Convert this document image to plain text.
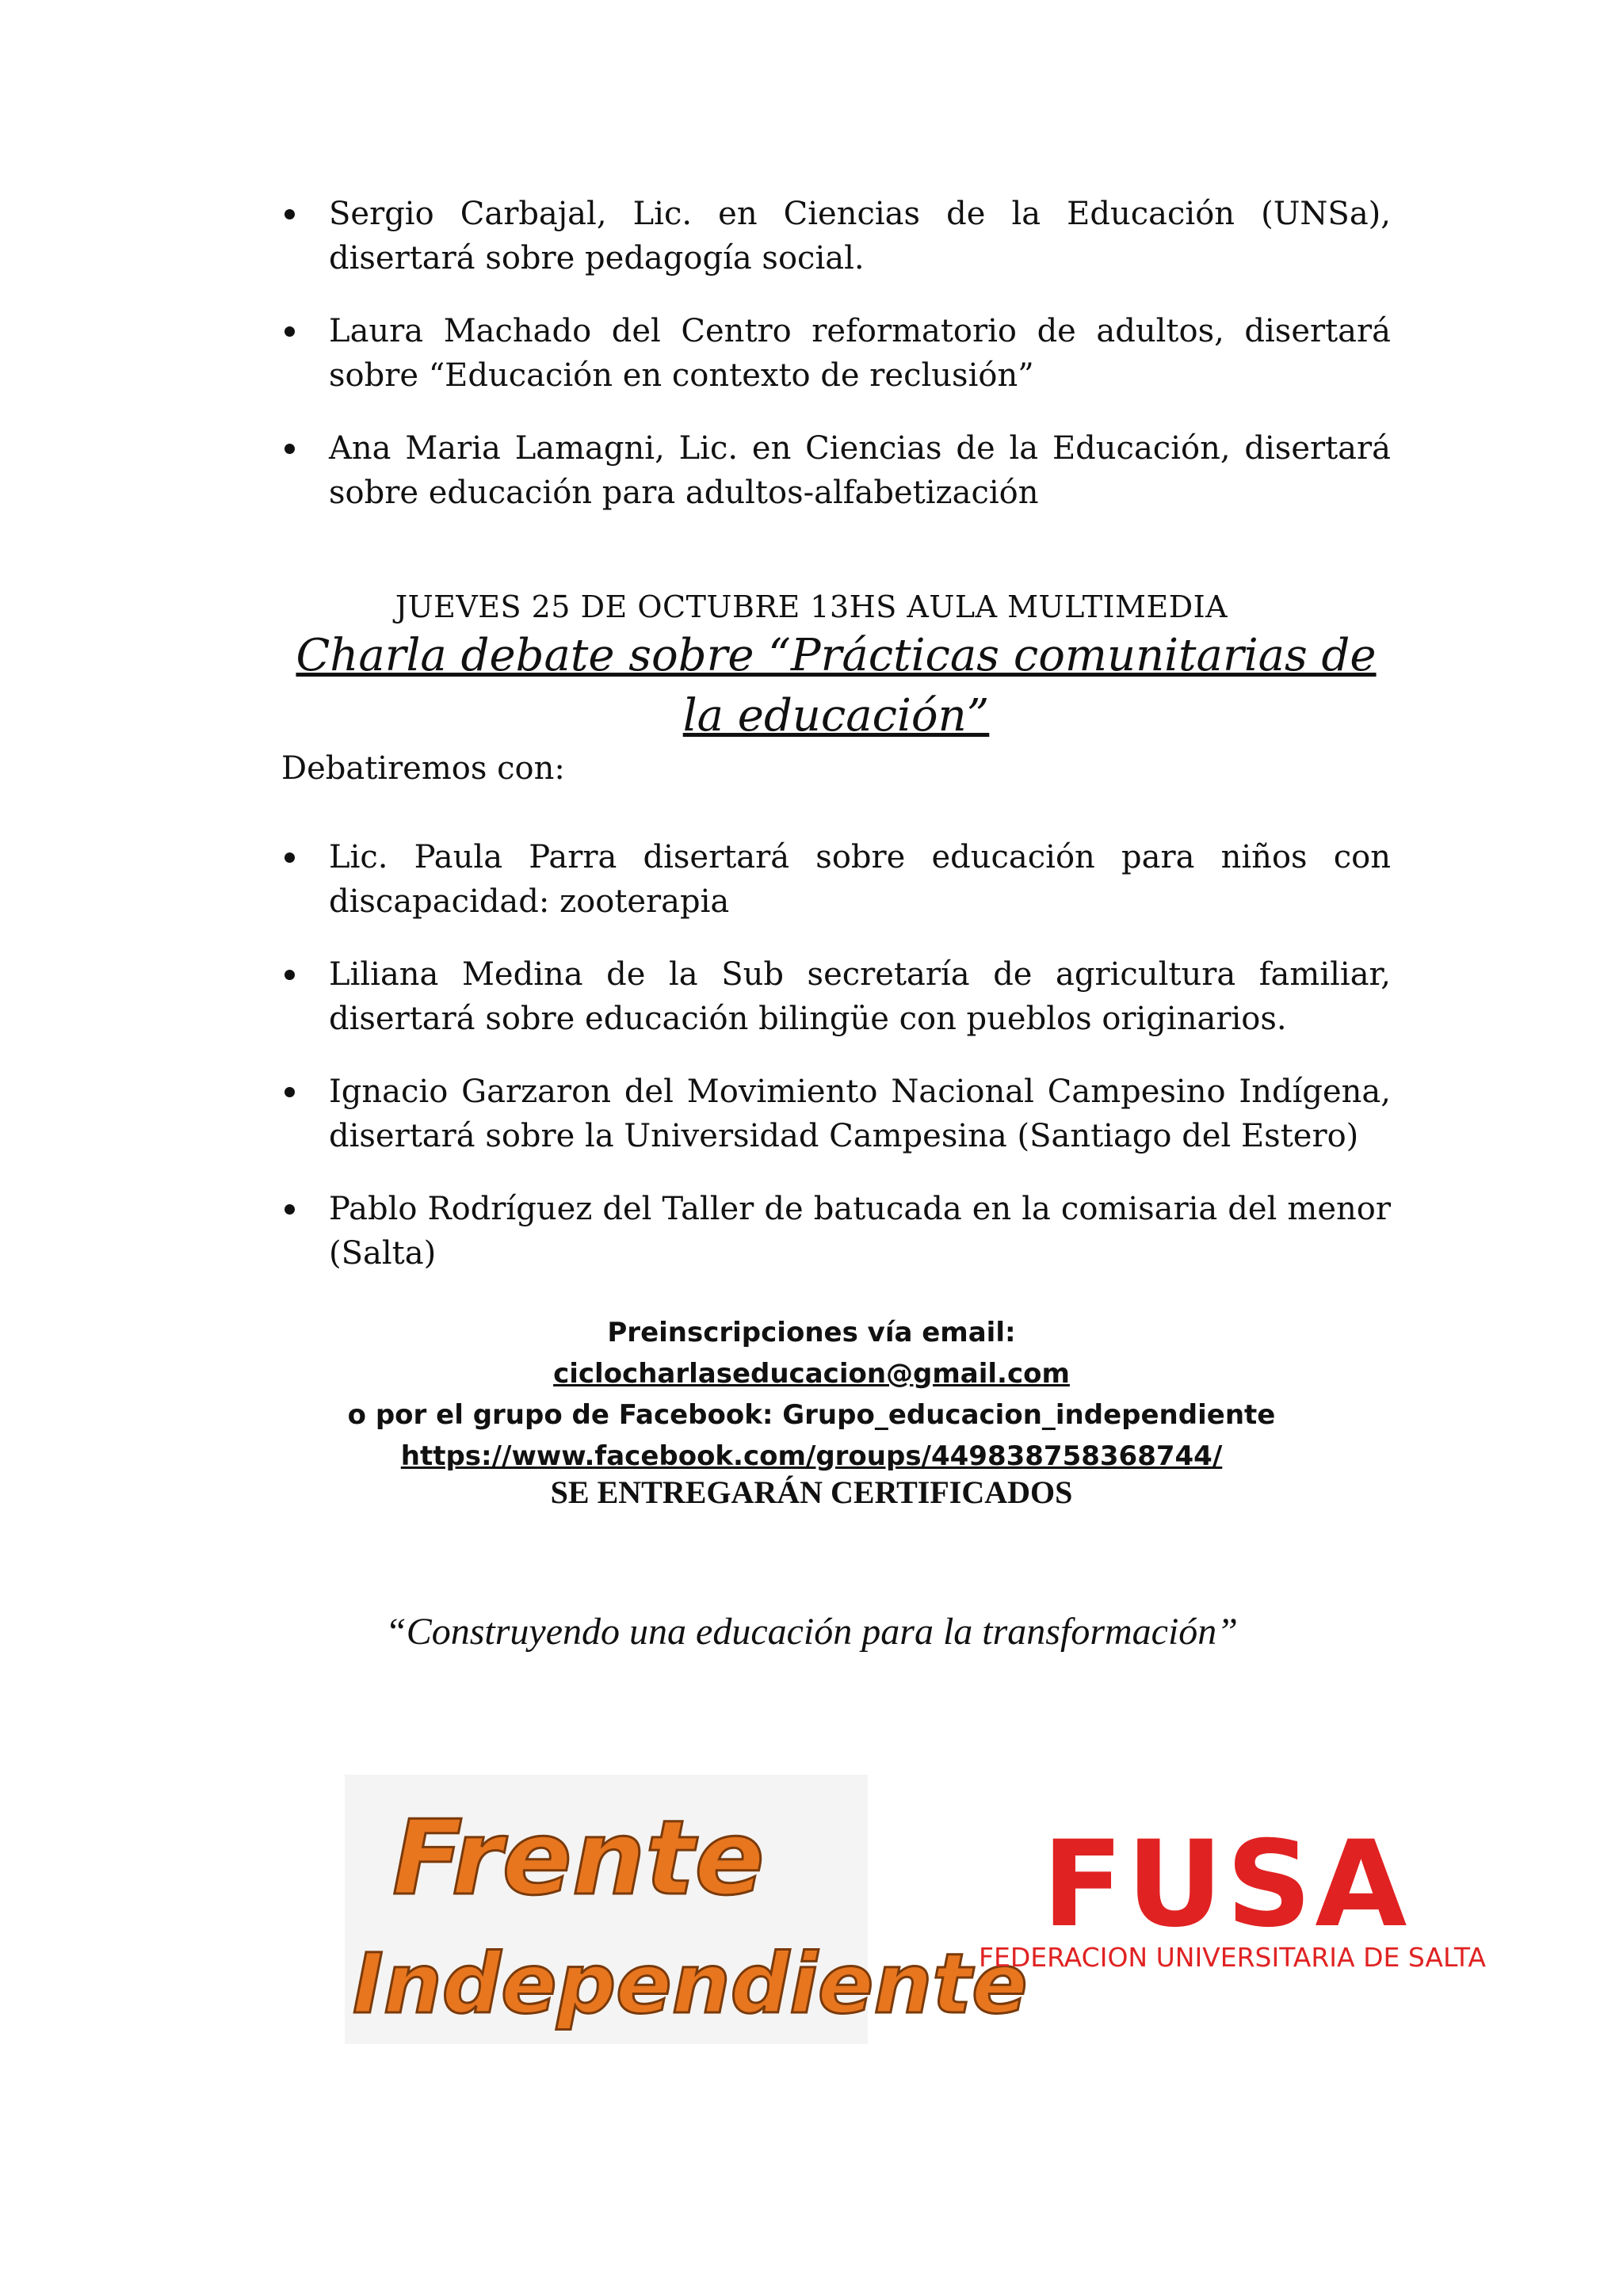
Sergio Carbajal, Lic. en Ciencias de la Educación (UNSa), disertará sobre pedagogía social.
Laura Machado del Centro reformatorio de adultos, disertará sobre “Educación en contexto de reclusión”
Ana Maria Lamagni, Lic. en Ciencias de la Educación, disertará sobre educación para adultos-alfabetización
JUEVES 25 DE OCTUBRE 13HS AULA MULTIMEDIA
Charla debate sobre “Prácticas comunitarias de la educación”
Debatiremos con:
Lic. Paula Parra disertará sobre educación para niños con discapacidad: zooterapia
Liliana Medina de la Sub secretaría de agricultura familiar, disertará sobre educación bilingüe con pueblos originarios.
Ignacio Garzaron del Movimiento Nacional Campesino Indígena, disertará sobre la Universidad Campesina (Santiago del Estero)
Pablo Rodríguez del Taller de batucada en la comisaria del menor (Salta)
Preinscripciones vía email:
ciclocharlaseducacion@gmail.com
o por el grupo de Facebook: Grupo_educacion_independiente
https://www.facebook.com/groups/449838758368744/
SE ENTREGARÁN CERTIFICADOS
“Construyendo una educación para la transformación”
Frente
Independiente
FUSA
FEDERACION UNIVERSITARIA DE SALTA
